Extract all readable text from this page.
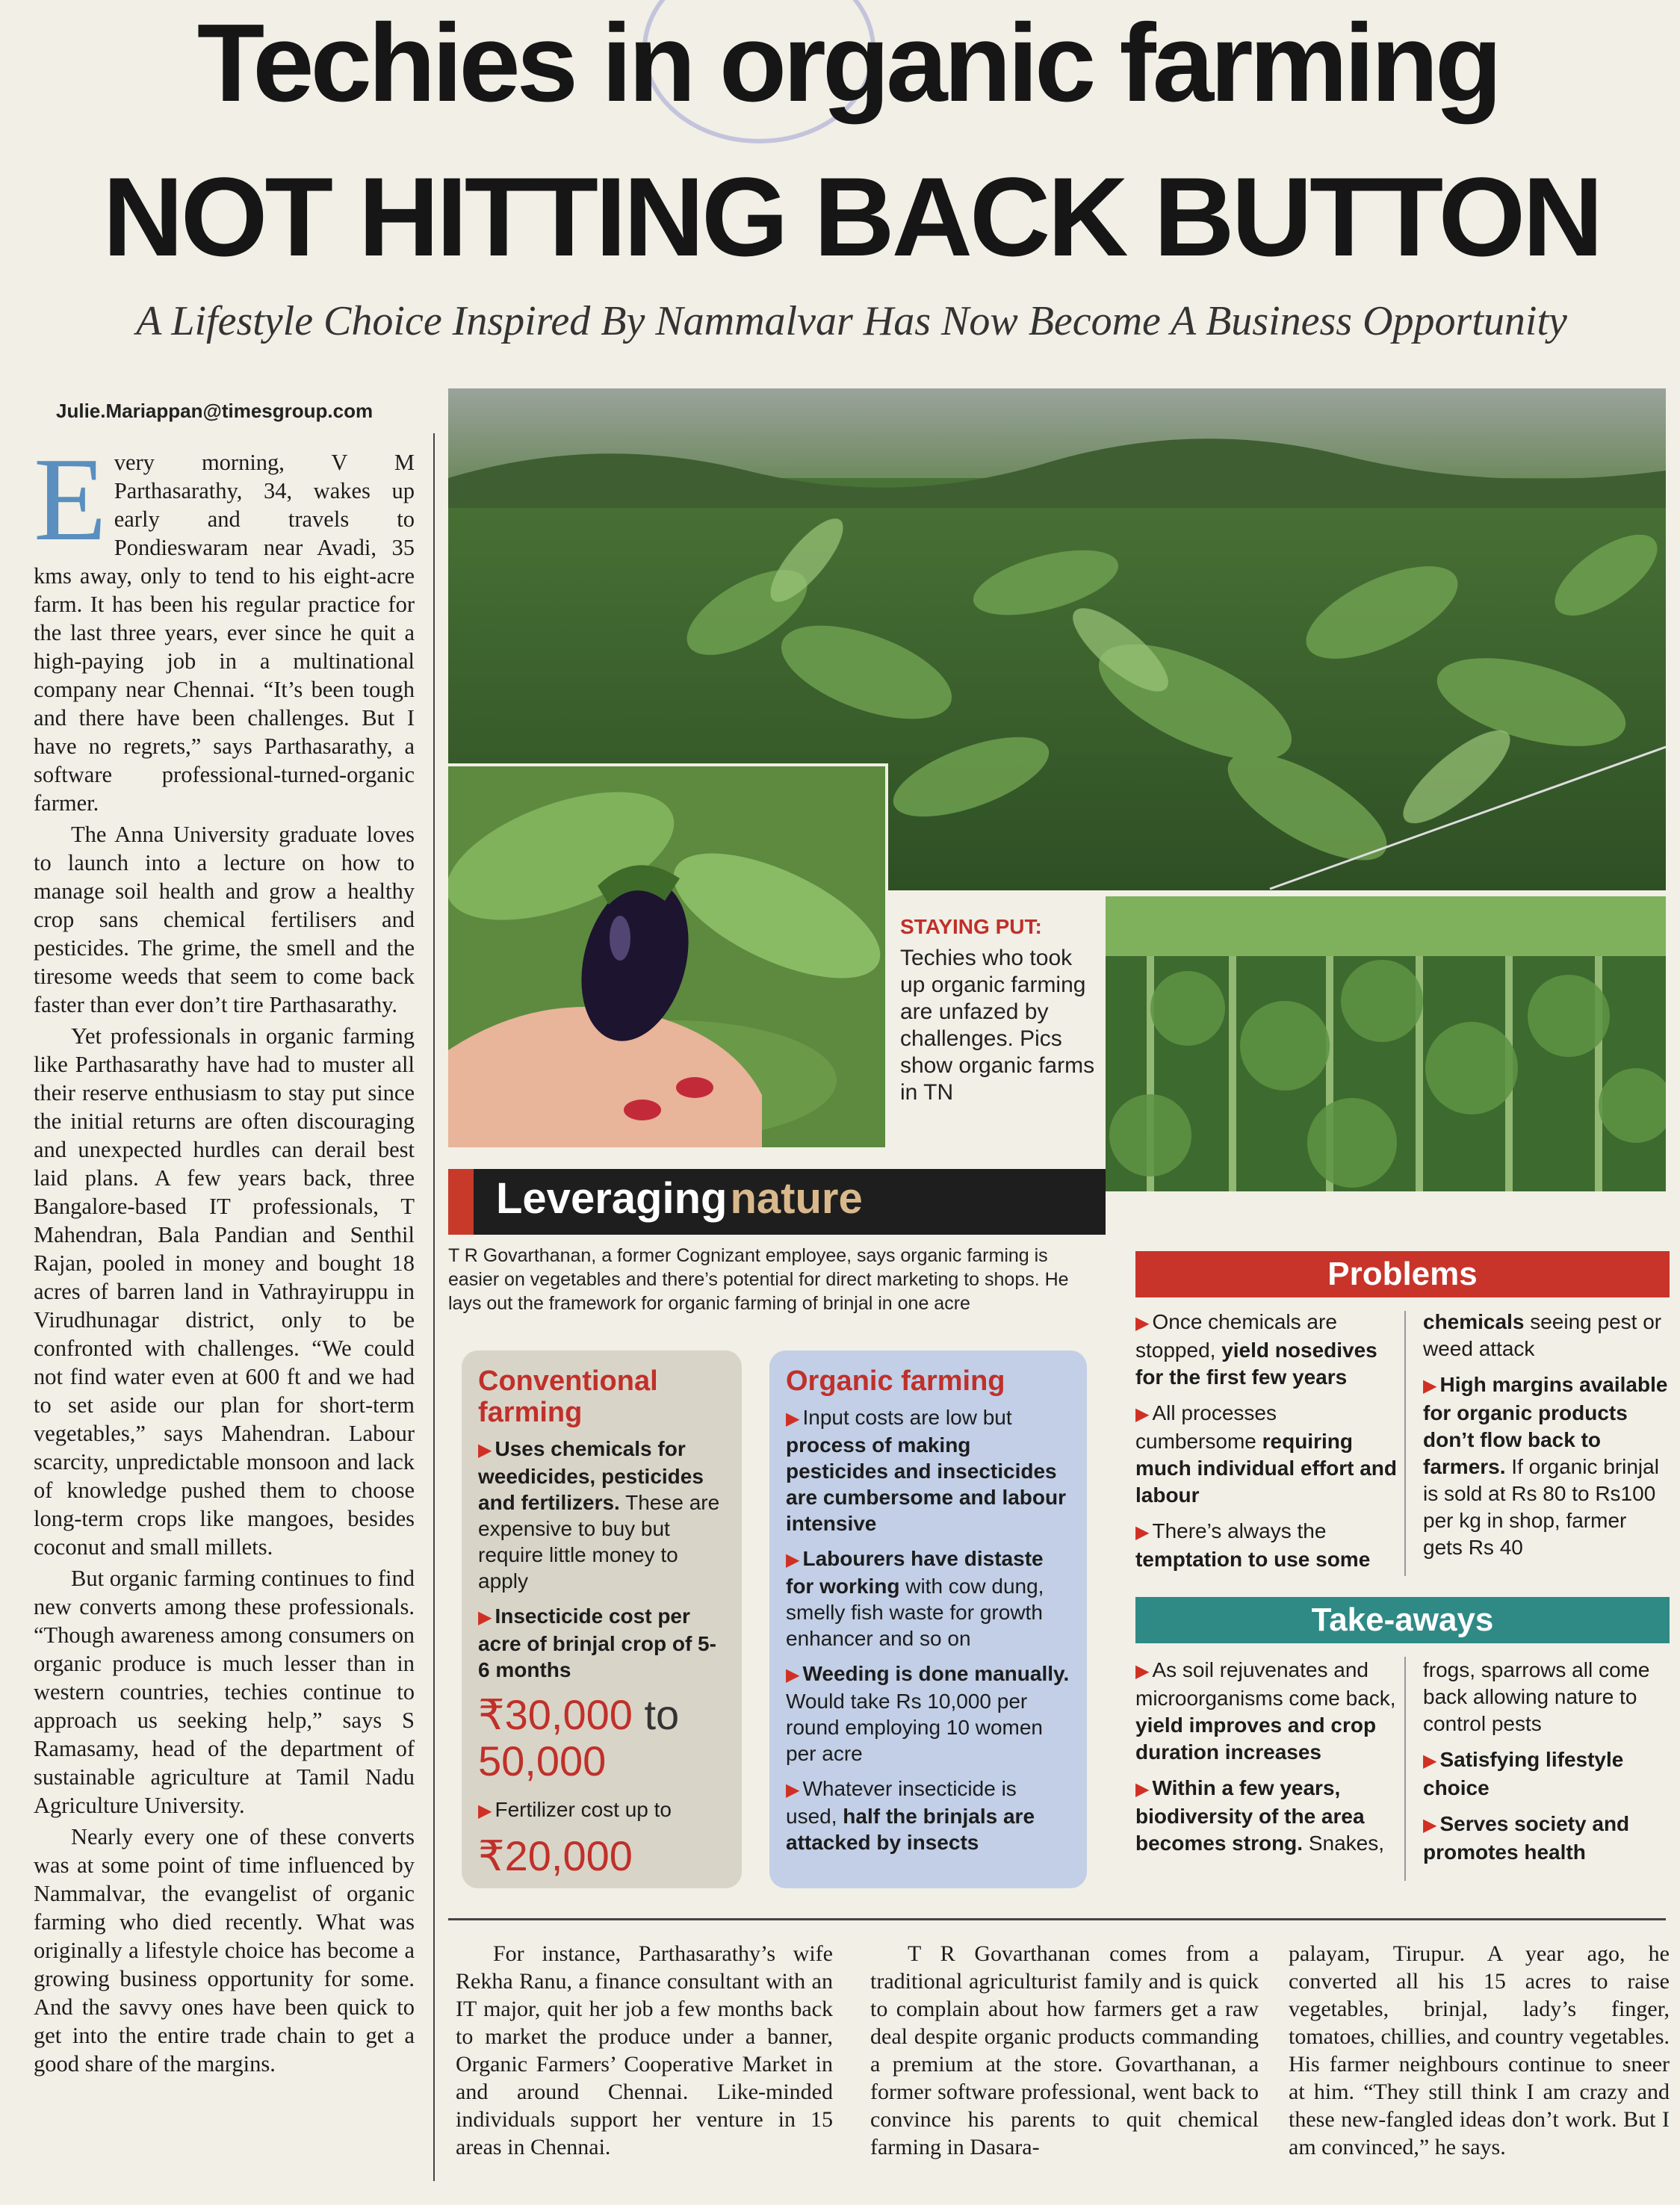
Techies in organic farming
NOT HITTING BACK BUTTON
A Lifestyle Choice Inspired By Nammalvar Has Now Become A Business Opportunity
Julie.Mariappan@timesgroup.com

Every morning, V M Parthasarathy, 34, wakes up early and travels to Pondieswaram near Avadi, 35 kms away, only to tend to his eight-acre farm. It has been his regular practice for the last three years, ever since he quit a high-paying job in a multinational company near Chennai. “It’s been tough and there have been challenges. But I have no regrets,” says Parthasarathy, a software professional-turned-organic farmer.

The Anna University graduate loves to launch into a lecture on how to manage soil health and grow a healthy crop sans chemical fertilisers and pesticides. The grime, the smell and the tiresome weeds that seem to come back faster than ever don’t tire Parthasarathy.

Yet professionals in organic farming like Parthasarathy have had to muster all their reserve enthusiasm to stay put since the initial returns are often discouraging and unexpected hurdles can derail best laid plans. A few years back, three Bangalore-based IT professionals, T Mahendran, Bala Pandian and Senthil Rajan, pooled in money and bought 18 acres of barren land in Vathrayiruppu in Virudhunagar district, only to be confronted with challenges. “We could not find water even at 600 ft and we had to set aside our plan for short-term vegetables,” says Mahendran. Labour scarcity, unpredictable monsoon and lack of knowledge pushed them to choose long-term crops like mangoes, besides coconut and small millets.

But organic farming continues to find new converts among these professionals. “Though awareness among consumers on organic produce is much lesser than in western countries, techies continue to approach us seeking help,” says S Ramasamy, head of the department of sustainable agriculture at Tamil Nadu Agriculture University.

Nearly every one of these converts was at some point of time influenced by Nammalvar, the evangelist of organic farming who died recently. What was originally a lifestyle choice has become a growing business opportunity for some. And the savvy ones have been quick to get into the entire trade chain to get a good share of the margins.

STAYING PUT:
Techies who took up organic farming are unfazed by challenges. Pics show organic farms in TN
Leveraging nature
T R Govarthanan, a former Cognizant employee, says organic farming is easier on vegetables and there’s potential for direct marketing to shops. He lays out the framework for organic farming of brinjal in one acre
Conventional
farming

▶ Uses chemicals for weedicides, pesticides and fertilizers. These are expensive to buy but require little money to apply

▶ Insecticide cost per acre of brinjal crop of 5-6 months

₹30,000 to
50,000

▶ Fertilizer cost up to

₹20,000
Organic farming

▶ Input costs are low but process of making pesticides and insecticides are cumbersome and labour intensive

▶ Labourers have distaste for working with cow dung, smelly fish waste for growth enhancer and so on

▶ Weeding is done manually. Would take Rs 10,000 per round employing 10 women per acre

▶ Whatever insecticide is used, half the brinjals are attacked by insects

Problems

▶ Once chemicals are stopped, yield nosedives for the first few years

▶ All processes cumbersome requiring much individual effort and labour

▶ There’s always the temptation to use some

chemicals seeing pest or weed attack

▶ High margins available for organic products don’t flow back to farmers. If organic brinjal is sold at Rs 80 to Rs100 per kg in shop, farmer gets Rs 40

Take-aways

▶ As soil rejuvenates and microorganisms come back, yield improves and crop duration increases

▶ Within a few years, biodiversity of the area becomes strong. Snakes,

frogs, sparrows all come back allowing nature to control pests

▶ Satisfying lifestyle choice

▶ Serves society and promotes health

For instance, Parthasarathy’s wife Rekha Ranu, a finance consultant with an IT major, quit her job a few months back to market the produce under a banner, Organic Farmers’ Cooperative Market in and around Chennai. Like-minded individuals support her venture in 15 areas in Chennai.
T R Govarthanan comes from a traditional agriculturist family and is quick to complain about how farmers get a raw deal despite organic products commanding a premium at the store. Govarthanan, a former software professional, went back to convince his parents to quit chemical farming in Dasara-
palayam, Tirupur. A year ago, he converted all his 15 acres to raise vegetables, brinjal, lady’s finger, tomatoes, chillies, and country vegetables. His farmer neighbours continue to sneer at him. “They still think I am crazy and these new-fangled ideas don’t work. But I am convinced,” he says.
